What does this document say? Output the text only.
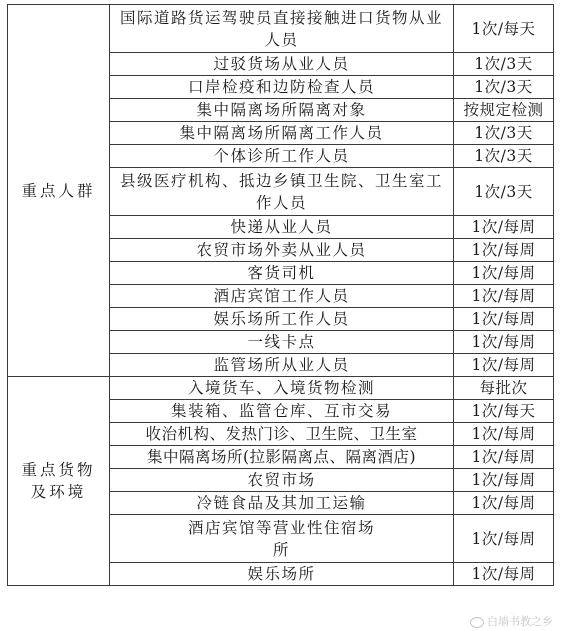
重点人群	国际道路货运驾驶员直接接触进口货物从业人员	1次/每天
	过驳货场从业人员	1次/3天
	口岸检疫和边防检查人员	1次/3天
	集中隔离场所隔离对象	按规定检测
	集中隔离场所隔离工作人员	1次/3天
	个体诊所工作人员	1次/3天
	县级医疗机构、抵边乡镇卫生院、卫生室工作人员	1次/3天
	快递从业人员	1次/每周
	农贸市场外卖从业人员	1次/每周
	客货司机	1次/每周
	酒店宾馆工作人员	1次/每周
	娱乐场所工作人员	1次/每周
	一线卡点	1次/每周
	监管场所从业人员	1次/每周
重点货物及环境	入境货车、入境货物检测	每批次
	集装箱、监管仓库、互市交易	1次/每天
	收治机构、发热门诊、卫生院、卫生室	1次/每周
	集中隔离场所(拉影隔离点、隔离酒店)	1次/每周
	农贸市场	1次/每周
	冷链食品及其加工运输	1次/每周
	酒店宾馆等营业性住宿场所	1次/每周
	娱乐场所	1次/每周
白墙书教之乡
